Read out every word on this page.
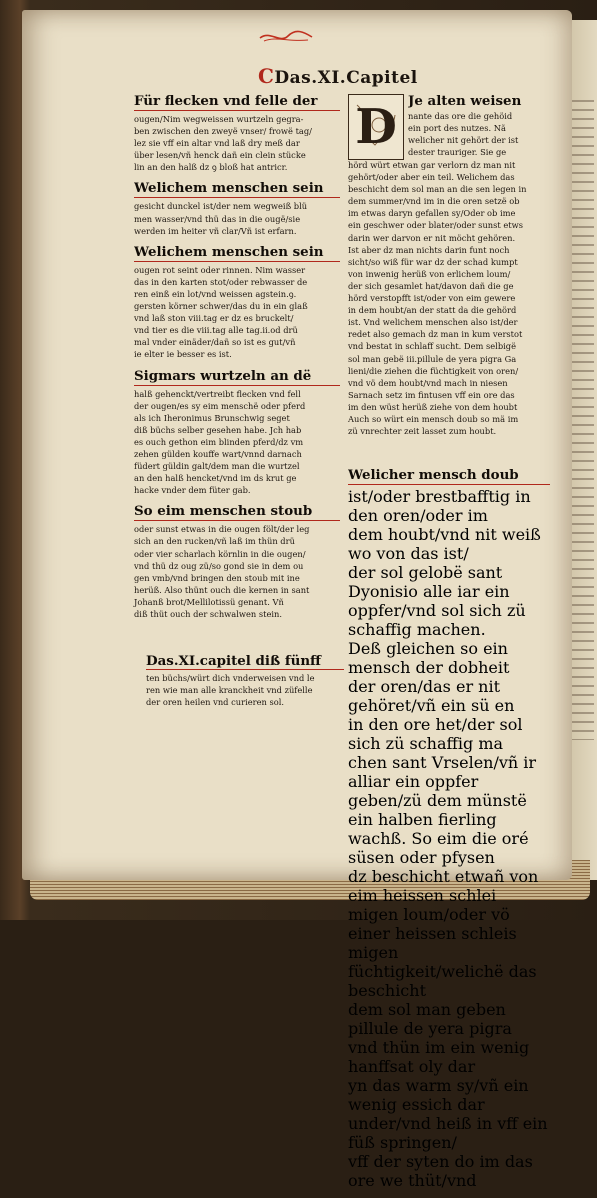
CDas.XI.Capitel
Für flecken vnd felle der
ougen/Nim wegweissen wurtzeln gegra-
ben zwischen den zweyë vnser/ frowë tag/
lez sie vff ein altar vnd laß dry meß dar
über lesen/vñ henck dañ ein clein stücke
lin an den halß dz ꝯ bloß hat antricr.
Welichem menschen sein
gesicht dunckel ist/der nem wegweiß blü
men wasser/vnd thü das in die ougë/sie
werden im heiter vñ clar/Vñ ist erfarn.
Welichem menschen sein
ougen rot seint oder rinnen. Nim wasser
das in den karten stot/oder rebwasser de
ren einß ein lot/vnd weissen agstein.ꝯ.
gersten körner schwer/das du in ein glaß
vnd laß ston viii.tag er dz es bruckelt/
vnd tier es die viii.tag alle tag.ii.od drü
mal vnder einäder/dañ so ist es gut/vñ
ie elter ie besser es ist.
Sigmars wurtzeln an dë
halß gehenckt/vertreibt flecken vnd fell
der ougen/es sy eim menschë oder pferd
als ich Iheronimus Brunschwig seget
diß büchs selber gesehen habe. Jch hab
es ouch gethon eim blinden pferd/dz vm
zehen gülden kouffe wart/vnnd darnach
füdert güldin galt/dem man die wurtzel
an den halß hencket/vnd im ds krut ge
hacke vnder dem füter gab.
So eim menschen stoub
oder sunst etwas in die ougen fölt/der leg
sich an den rucken/vñ laß im thün drü
oder vier scharlach körnlin in die ougen/
vnd thü dz oug zü/so gond sie in dem ou
gen vmb/vnd bringen den stoub mit ine
herüß. Also thünt ouch die kernen in sant
Johanß brot/Mellilotissü genant. Vñ
diß thüt ouch der schwalwen stein.
Das.XI.capitel diß fünff
ten büchs/würt dich vnderweisen vnd le
ren wie man alle kranckheit vnd züfelle
der oren heilen vnd curieren sol.
D Je alten weisen
nante das ore die gehöid
ein port des nutzes. Nã
welicher nit gehört der ist
dester trauriger. Sie ge
hörd würt etwan gar verlorn dz man nit
gehört/oder aber ein teil. Welichem das
beschicht dem sol man an die sen legen in
dem summer/vnd im in die oren setzë ob
im etwas daryn gefallen sy/Oder ob ime
ein geschwer oder blater/oder sunst etws
darin wer darvon er nit möcht gehören.
Ist aber dz man nichts darin funt noch
sicht/so wiß für war dz der schad kumpt
von inwenig herüß von erlichem loum/
der sich gesamlet hat/davon dañ die ge
hörd verstopfft ist/oder von eim gewere
in dem houbt/an der statt da die gehörd
ist. Vnd welichem menschen also ist/der
redet also gemach dz man in kum verstot
vnd bestat in schlaff sucht. Dem selbigë
sol man gebë iii.pillule de yera pigra Ga
lieni/die ziehen die füchtigkeit von oren/
vnd vö dem houbt/vnd mach in niesen
Sarnach setz im fintusen vff ein ore das
im den wüst herüß ziehe von dem houbt
Auch so würt ein mensch doub so mä im
zü vnrechter zeit lasset zum houbt.
Welicher mensch doub
ist/oder brestbafftig in den oren/oder im
dem houbt/vnd nit weiß wo von das ist/
der sol gelobë sant Dyonisio alle iar ein
oppfer/vnd sol sich zü schaffig machen.
Deß gleichen so ein mensch der dobheit
der oren/das er nit gehöret/vñ ein sü en
in den ore het/der sol sich zü schaffig ma
chen sant Vrselen/vñ ir alliar ein oppfer
geben/zü dem münstë ein halben fierling
wachß. So eim die oré süsen oder pfysen
dz beschicht etwañ von eim heissen schlei
migen loum/oder vö einer heissen schleis
migen füchtigkeit/welichë das beschicht
dem sol man geben pillule de yera pigra
vnd thün im ein wenig hanffsat oly dar
yn das warm sy/vñ ein wenig essich dar
under/vnd heiß in vff ein füß springen/
vff der syten do im das ore we thüt/vnd
